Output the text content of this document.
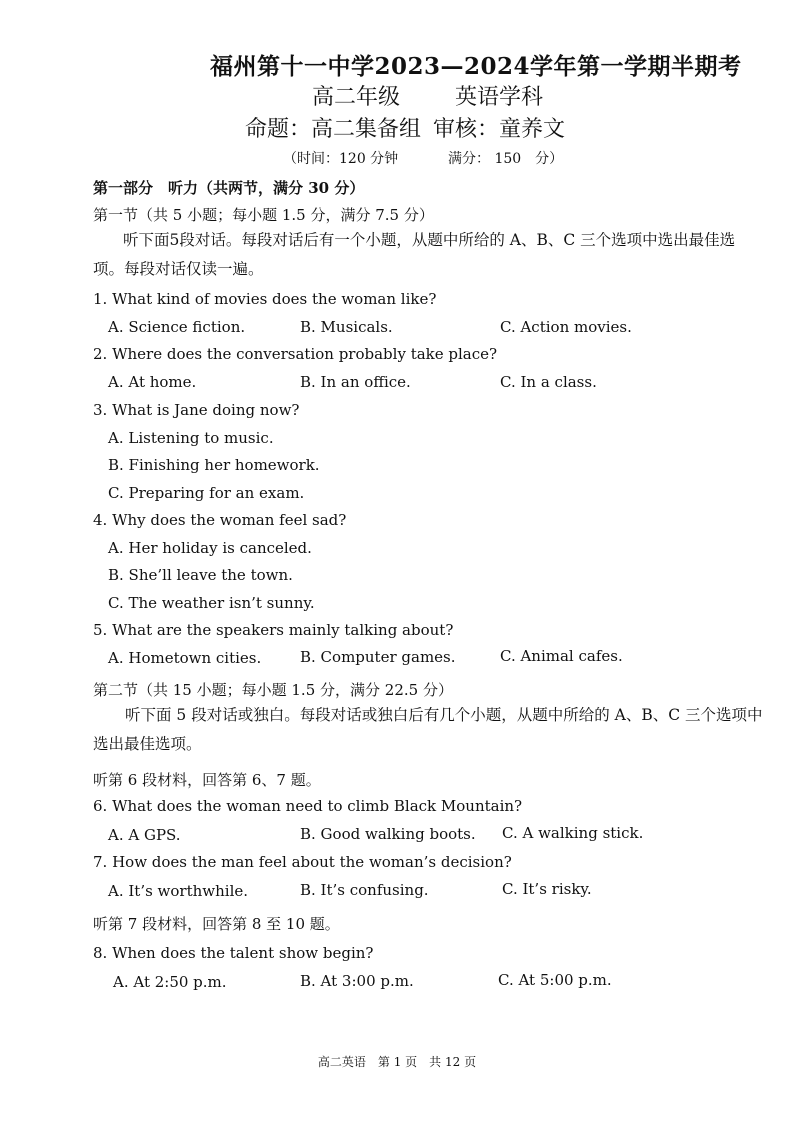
福州第十一中学2023—2024学年第一学期半期考
高二年级 英语学科
命题：高二集备组 审核：童养文
（时间：120 分钟	满分： 150　分）
第一部分　听力（共两节，满分 30 分）
第一节（共 5 小题；每小题 1.5 分，满分 7.5 分）
听下面5段对话。每段对话后有一个小题，从题中所给的 A、B、C 三个选项中选出最佳选项。每段对话仅读一遍。
1. What kind of movies does the woman like?
A. Science fiction.	B. Musicals.	C. Action movies.
2. Where does the conversation probably take place?
A. At home.	B. In an office.	C. In a class.
3. What is Jane doing now?
A. Listening to music.
B. Finishing her homework.
C. Preparing for an exam.
4. Why does the woman feel sad?
A. Her holiday is canceled.
B. She’ll leave the town.
C. The weather isn’t sunny.
5. What are the speakers mainly talking about?
A. Hometown cities.	B. Computer games.	C. Animal cafes.
第二节（共 15 小题；每小题 1.5 分，满分 22.5 分）
听下面 5 段对话或独白。每段对话或独白后有几个小题，从题中所给的 A、B、C 三个选项中选出最佳选项。
听第 6 段材料，回答第 6、7 题。
6. What does the woman need to climb Black Mountain?
A. A GPS.	B. Good walking boots. C. A walking stick.
7. How does the man feel about the woman’s decision?
A. It’s worthwhile.	B. It’s confusing.	C. It’s risky.
听第 7 段材料，回答第 8 至 10 题。
8. When does the talent show begin?
A. At 2:50 p.m.	B. At 3:00 p.m.	C. At 5:00 p.m.
高二英语　第 1 页　共 12 页
